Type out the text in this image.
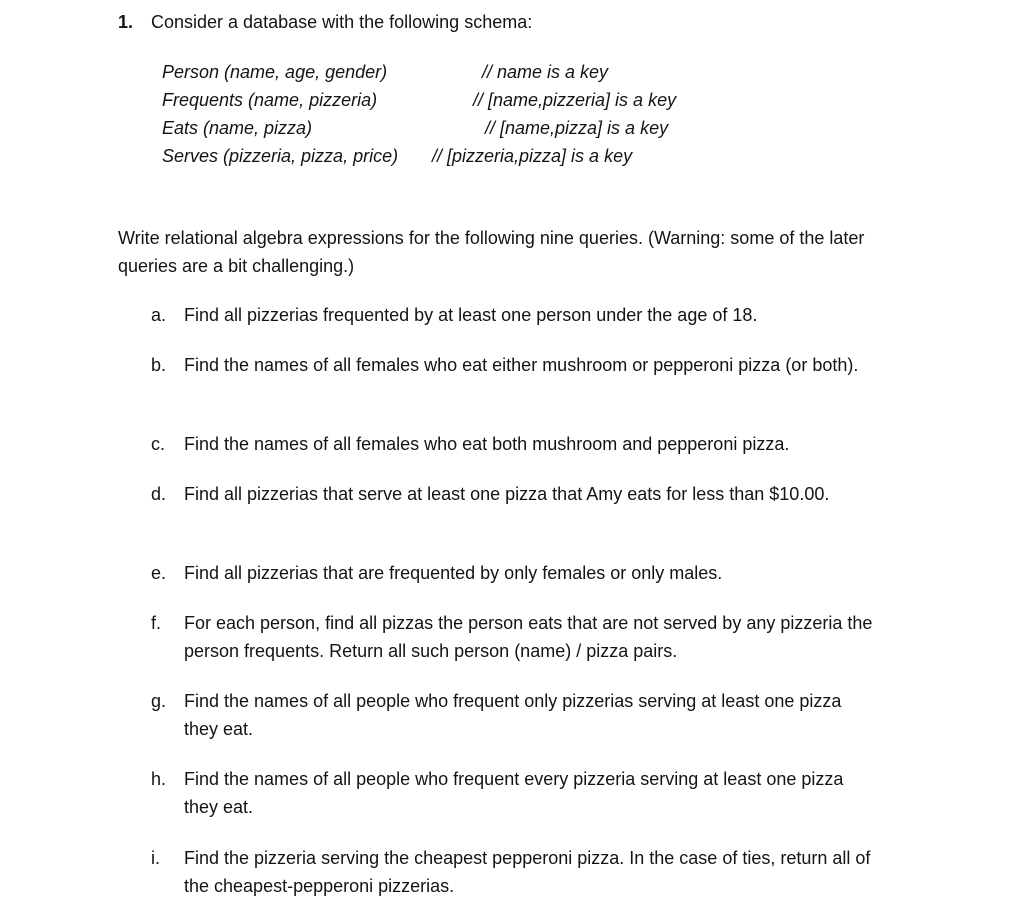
1. Consider a database with the following schema:
Person (name, age, gender)	// name is a key
Frequents (name, pizzeria)	// [name,pizzeria] is a key
Eats (name, pizza)	// [name,pizza] is a key
Serves (pizzeria, pizza, price) // [pizzeria,pizza] is a key
Write relational algebra expressions for the following nine queries. (Warning: some of the later queries are a bit challenging.)
a. Find all pizzerias frequented by at least one person under the age of 18.
b. Find the names of all females who eat either mushroom or pepperoni pizza (or both).
c. Find the names of all females who eat both mushroom and pepperoni pizza.
d. Find all pizzerias that serve at least one pizza that Amy eats for less than $10.00.
e. Find all pizzerias that are frequented by only females or only males.
f. For each person, find all pizzas the person eats that are not served by any pizzeria the person frequents. Return all such person (name) / pizza pairs.
g. Find the names of all people who frequent only pizzerias serving at least one pizza they eat.
h. Find the names of all people who frequent every pizzeria serving at least one pizza they eat.
i. Find the pizzeria serving the cheapest pepperoni pizza. In the case of ties, return all of the cheapest-pepperoni pizzerias.
